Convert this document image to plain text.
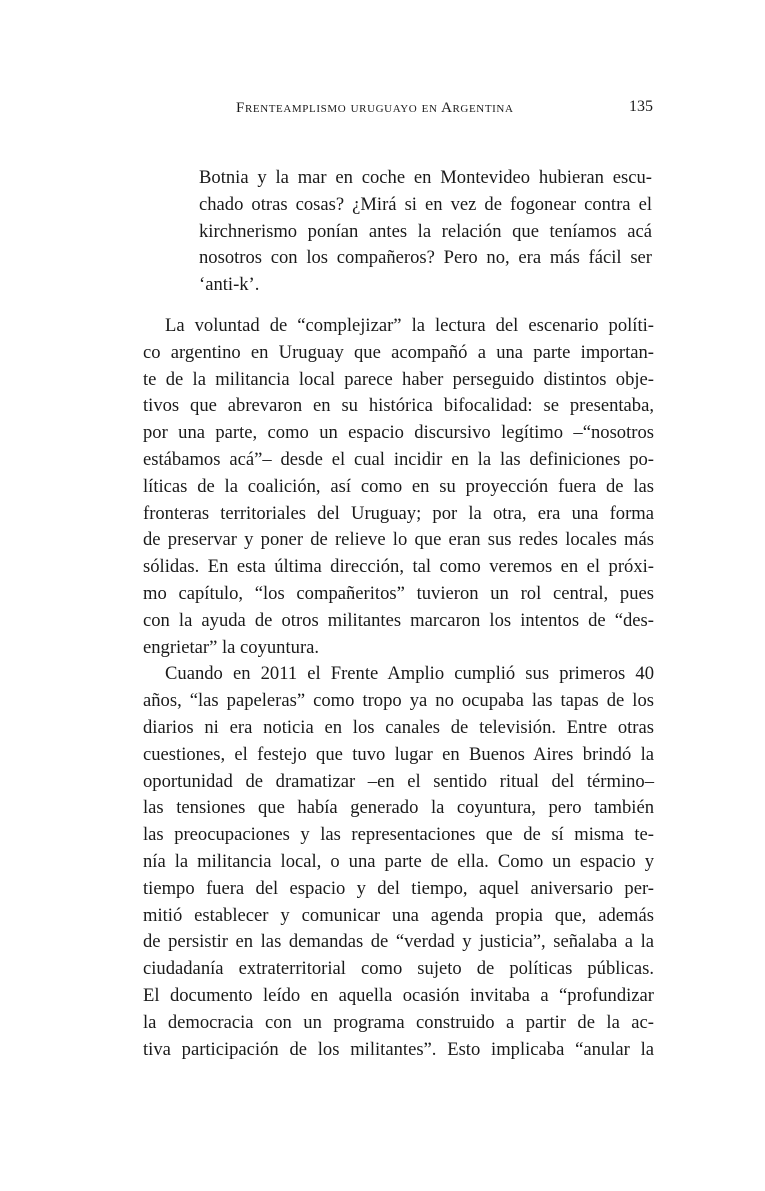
Frenteamplismo uruguayo en Argentina	135
Botnia y la mar en coche en Montevideo hubieran escu-
chado otras cosas? ¿Mirá si en vez de fogonear contra el
kirchnerismo ponían antes la relación que teníamos acá
nosotros con los compañeros? Pero no, era más fácil ser
‘anti-k’.
La voluntad de “complejizar” la lectura del escenario políti-
co argentino en Uruguay que acompañó a una parte importan-
te de la militancia local parece haber perseguido distintos obje-
tivos que abrevaron en su histórica bifocalidad: se presentaba,
por una parte, como un espacio discursivo legítimo –“nosotros
estábamos acá”– desde el cual incidir en la las definiciones po-
líticas de la coalición, así como en su proyección fuera de las
fronteras territoriales del Uruguay; por la otra, era una forma
de preservar y poner de relieve lo que eran sus redes locales más
sólidas. En esta última dirección, tal como veremos en el próxi-
mo capítulo, “los compañeritos” tuvieron un rol central, pues
con la ayuda de otros militantes marcaron los intentos de “des-
engrietar” la coyuntura.
Cuando en 2011 el Frente Amplio cumplió sus primeros 40
años, “las papeleras” como tropo ya no ocupaba las tapas de los
diarios ni era noticia en los canales de televisión. Entre otras
cuestiones, el festejo que tuvo lugar en Buenos Aires brindó la
oportunidad de dramatizar –en el sentido ritual del término–
las tensiones que había generado la coyuntura, pero también
las preocupaciones y las representaciones que de sí misma te-
nía la militancia local, o una parte de ella. Como un espacio y
tiempo fuera del espacio y del tiempo, aquel aniversario per-
mitió establecer y comunicar una agenda propia que, además
de persistir en las demandas de “verdad y justicia”, señalaba a la
ciudadanía extraterritorial como sujeto de políticas públicas.
El documento leído en aquella ocasión invitaba a “profundizar
la democracia con un programa construido a partir de la ac-
tiva participación de los militantes”. Esto implicaba “anular la
